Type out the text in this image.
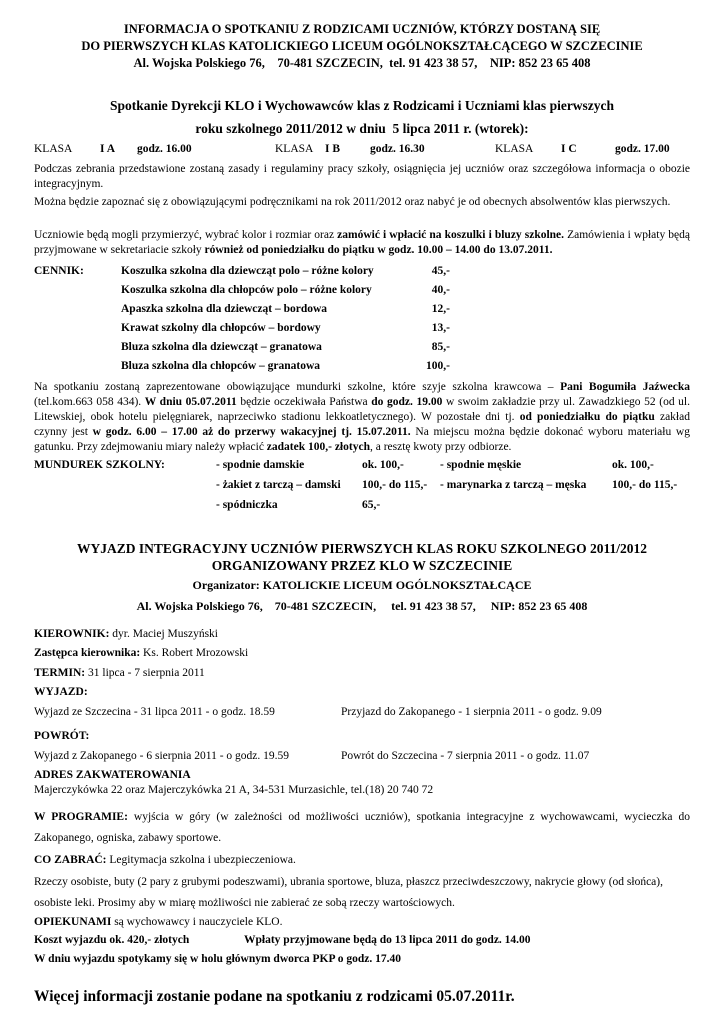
INFORMACJA O SPOTKANIU Z RODZICAMI UCZNIÓW, KTÓRZY DOSTANĄ SIĘ
DO PIERWSZYCH KLAS KATOLICKIEGO LICEUM OGÓLNOKSZTAŁCĄCEGO W SZCZECINIE
Al. Wojska Polskiego 76,    70-481 SZCZECIN,  tel. 91 423 38 57,    NIP: 852 23 65 408
Spotkanie Dyrekcji KLO i Wychowawców klas z Rodzicami i Uczniami klas pierwszych
roku szkolnego 2011/2012 w dniu  5 lipca 2011 r. (wtorek):
KLASA I A godz. 16.00	KLASA I B	godz. 16.30	KLASA I C	godz. 17.00
Podczas zebrania przedstawione zostaną zasady i regulaminy pracy szkoły, osiągnięcia jej uczniów oraz szczegółowa informacja o obozie integracyjnym.
Można będzie zapoznać się z obowiązującymi podręcznikami na rok 2011/2012 oraz nabyć je od obecnych absolwentów klas pierwszych.
Uczniowie będą mogli przymierzyć, wybrać kolor i rozmiar oraz zamówić i wpłacić na koszulki i bluzy szkolne. Zamówienia i wpłaty będą przyjmowane w sekretariacie szkoły również od poniedziałku do piątku w godz. 10.00 – 14.00 do 13.07.2011.
CENNIK:	Koszulka szkolna dla dziewcząt polo – różne kolory	45,-
Koszulka szkolna dla chłopców polo – różne kolory	40,-
Apaszka szkolna dla dziewcząt – bordowa	12,-
Krawat szkolny dla chłopców – bordowy	13,-
Bluza szkolna dla dziewcząt – granatowa	85,-
Bluza szkolna dla chłopców – granatowa	100,-
Na spotkaniu zostaną zaprezentowane obowiązujące mundurki szkolne, które szyje szkolna krawcowa – Pani Bogumiła Jaźwecka (tel.kom.663 058 434). W dniu 05.07.2011 będzie oczekiwała Państwa do godz. 19.00 w swoim zakładzie przy ul. Zawadzkiego 52 (od ul. Litewskiej, obok hotelu pielęgniarek, naprzeciwko stadionu lekkoatletycznego). W pozostałe dni tj. od poniedziałku do piątku zakład czynny jest w godz. 6.00 – 17.00 aż do przerwy wakacyjnej tj. 15.07.2011. Na miejscu można będzie dokonać wyboru materiału wg gatunku. Przy zdejmowaniu miary należy wpłacić zadatek 100,- złotych, a resztę kwoty przy odbiorze.
MUNDUREK SZKOLNY:	- spodnie damskie	ok. 100,-	- spodnie męskie	ok. 100,-
- żakiet z tarczą – damski 100,- do 115,- - marynarka z tarczą – męska 100,- do 115,-
- spódniczka	65,-
WYJAZD INTEGRACYJNY UCZNIÓW PIERWSZYCH KLAS ROKU SZKOLNEGO 2011/2012
ORGANIZOWANY PRZEZ KLO W SZCZECINIE
Organizator: KATOLICKIE LICEUM OGÓLNOKSZTAŁCĄCE
Al. Wojska Polskiego 76,    70-481 SZCZECIN,     tel. 91 423 38 57,     NIP: 852 23 65 408
KIEROWNIK: dyr. Maciej Muszyński
Zastępca kierownika: Ks. Robert Mrozowski
TERMIN: 31 lipca - 7 sierpnia 2011
WYJAZD:
Wyjazd ze Szczecina - 31 lipca 2011 - o godz. 18.59	Przyjazd do Zakopanego - 1 sierpnia 2011 - o godz. 9.09
POWRÓT:
Wyjazd z Zakopanego - 6 sierpnia 2011 - o godz. 19.59	Powrót do Szczecina - 7 sierpnia 2011 - o godz. 11.07
ADRES ZAKWATEROWANIA
Majerczykówka 22 oraz Majerczykówka 21 A, 34-531 Murzasichle, tel.(18) 20 740 72
W PROGRAMIE: wyjścia w góry (w zależności od możliwości uczniów), spotkania integracyjne z wychowawcami, wycieczka do Zakopanego, ogniska, zabawy sportowe.
CO ZABRAĆ: Legitymacja szkolna i ubezpieczeniowa.
Rzeczy osobiste, buty (2 pary z grubymi podeszwami), ubrania sportowe, bluza, płaszcz przeciwdeszczowy, nakrycie głowy (od słońca), osobiste leki. Prosimy aby w miarę możliwości nie zabierać ze sobą rzeczy wartościowych.
OPIEKUNAMI są wychowawcy i nauczyciele KLO.
Koszt wyjazdu ok. 420,- złotych	Wpłaty przyjmowane będą do 13 lipca 2011 do godz. 14.00
W dniu wyjazdu spotykamy się w holu głównym dworca PKP o godz. 17.40
Więcej informacji zostanie podane na spotkaniu z rodzicami 05.07.2011r.
